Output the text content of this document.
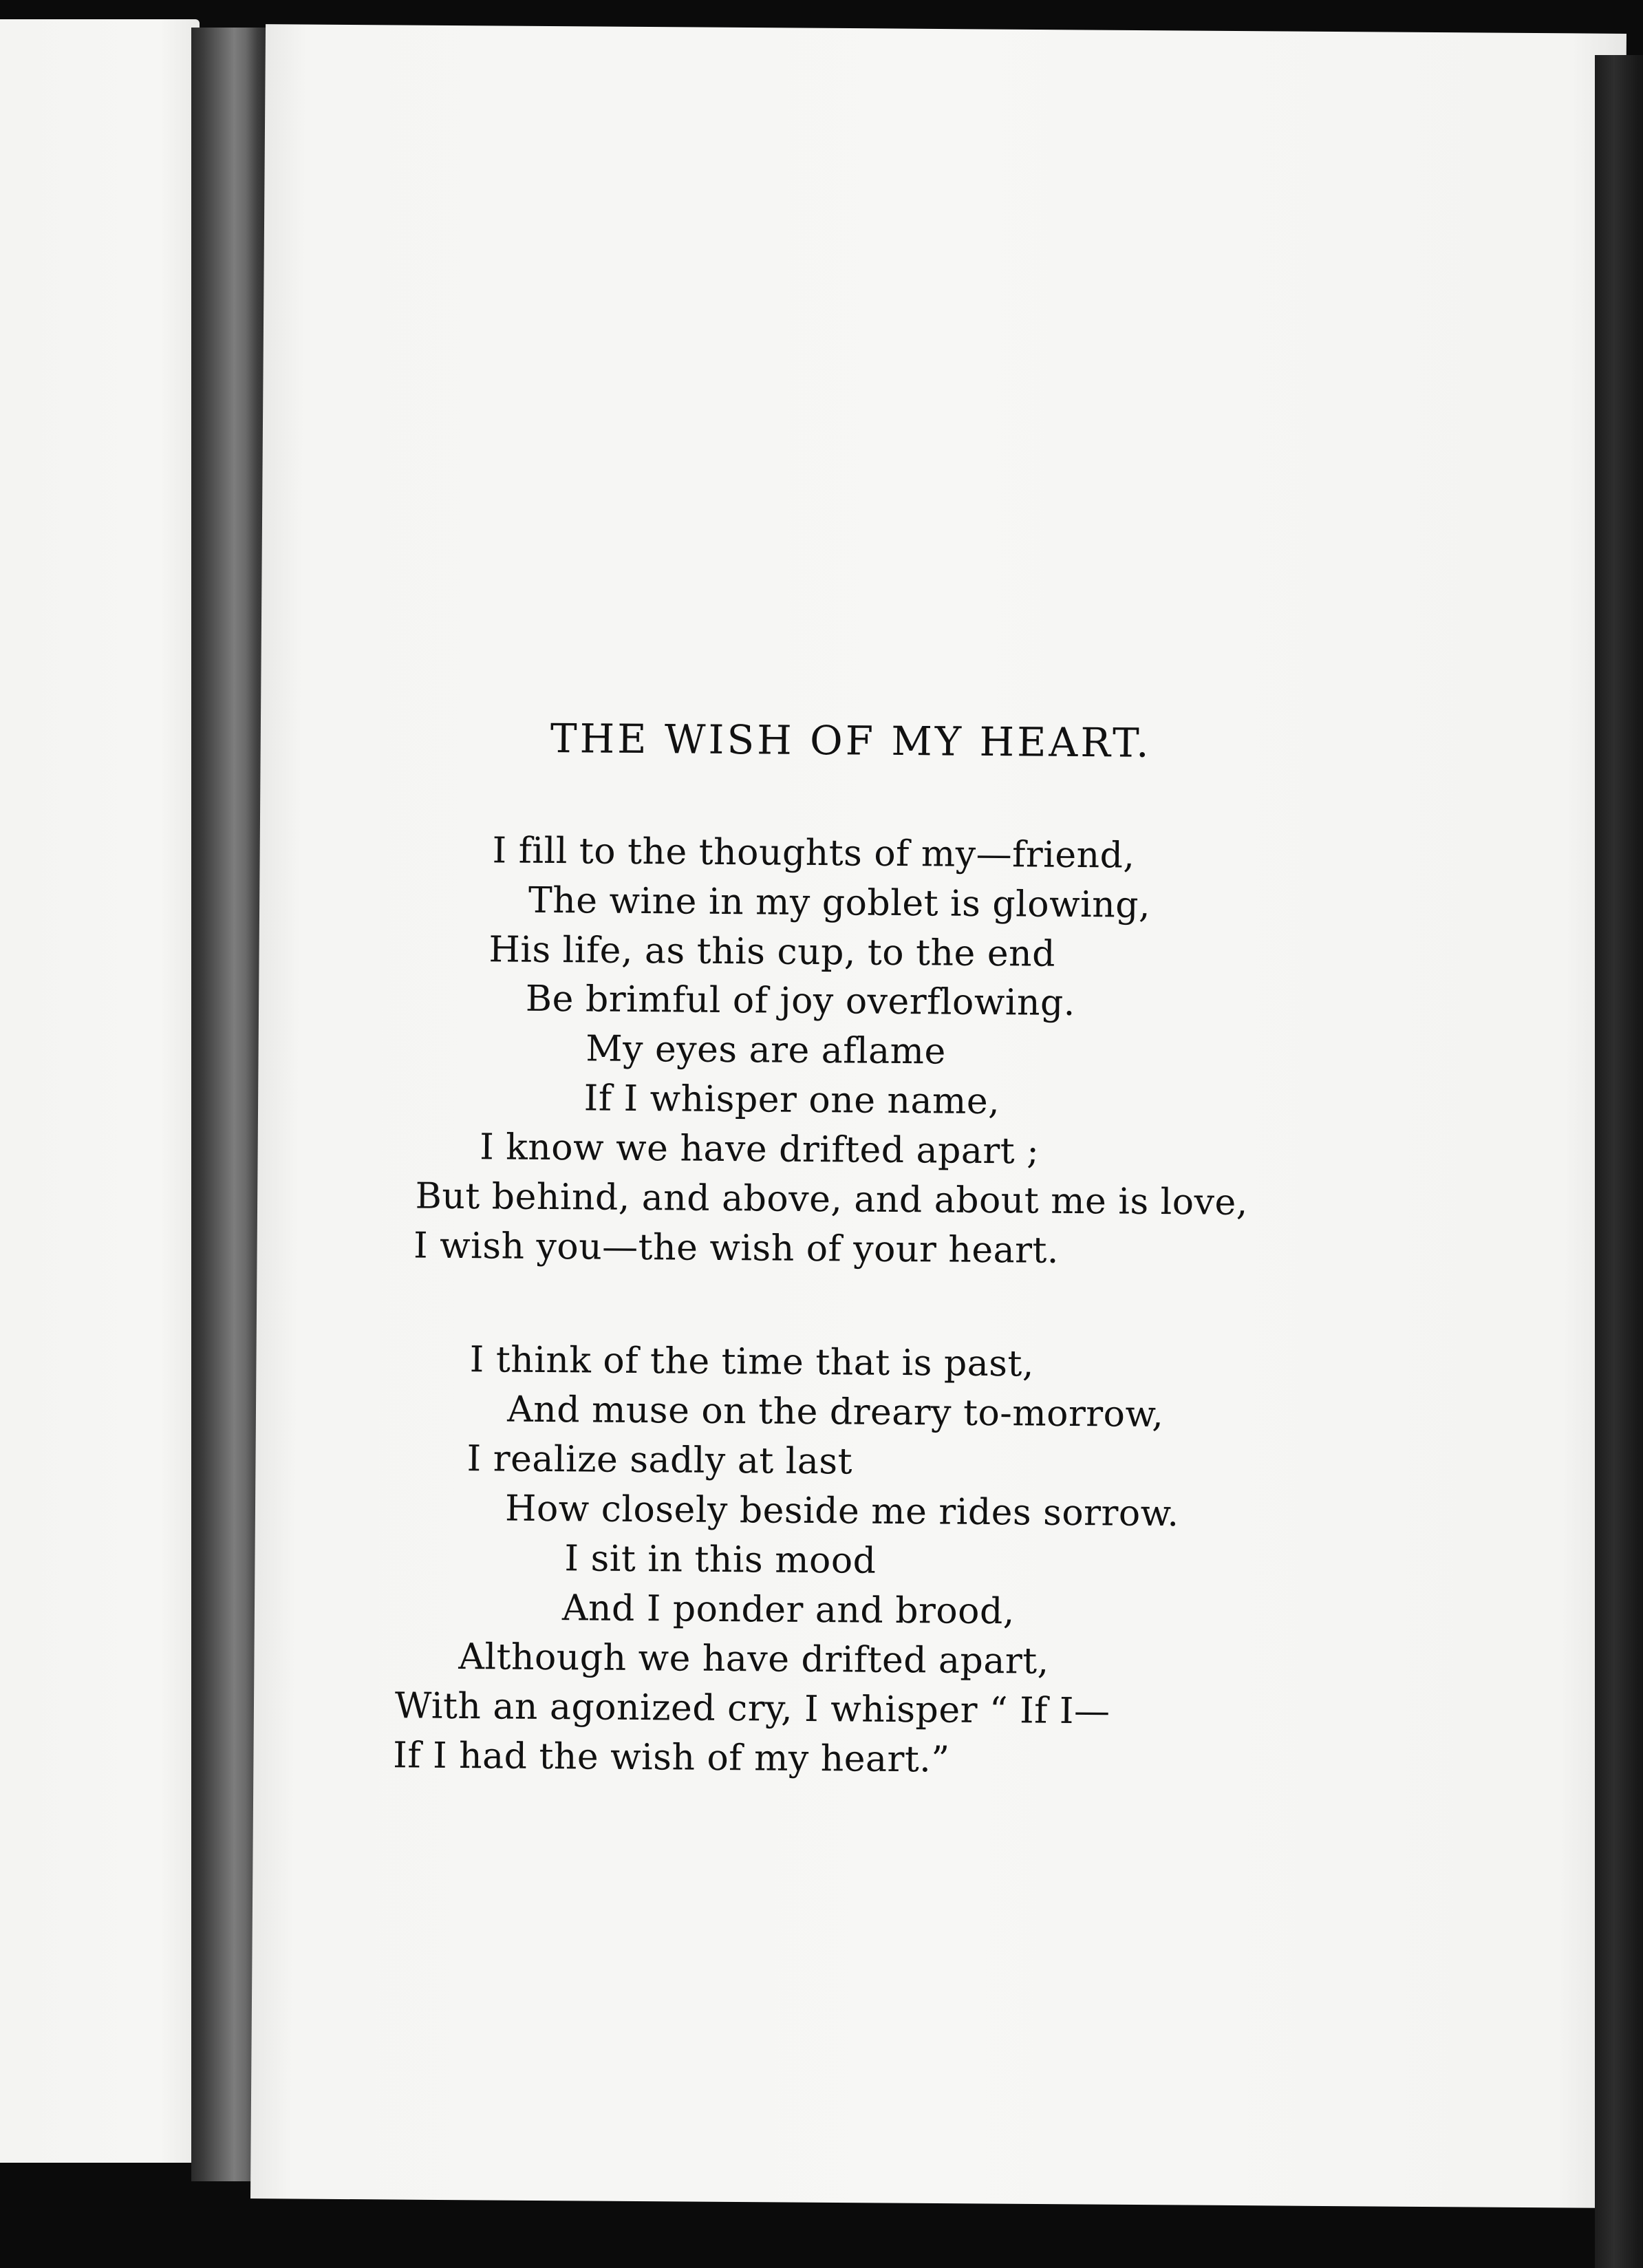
THE WISH OF MY HEART.

I fill to the thoughts of my—friend,

The wine in my goblet is glowing,

His life, as this cup, to the end

Be brimful of joy overflowing.

My eyes are aflame

If I whisper one name,

I know we have drifted apart ;

But behind, and above, and about me is love,

I wish you—the wish of your heart.

I think of the time that is past,

And muse on the dreary to-morrow,

I realize sadly at last

How closely beside me rides sorrow.

I sit in this mood

And I ponder and brood,

Although we have drifted apart,

With an agonized cry, I whisper “ If I—

If I had the wish of my heart.”
